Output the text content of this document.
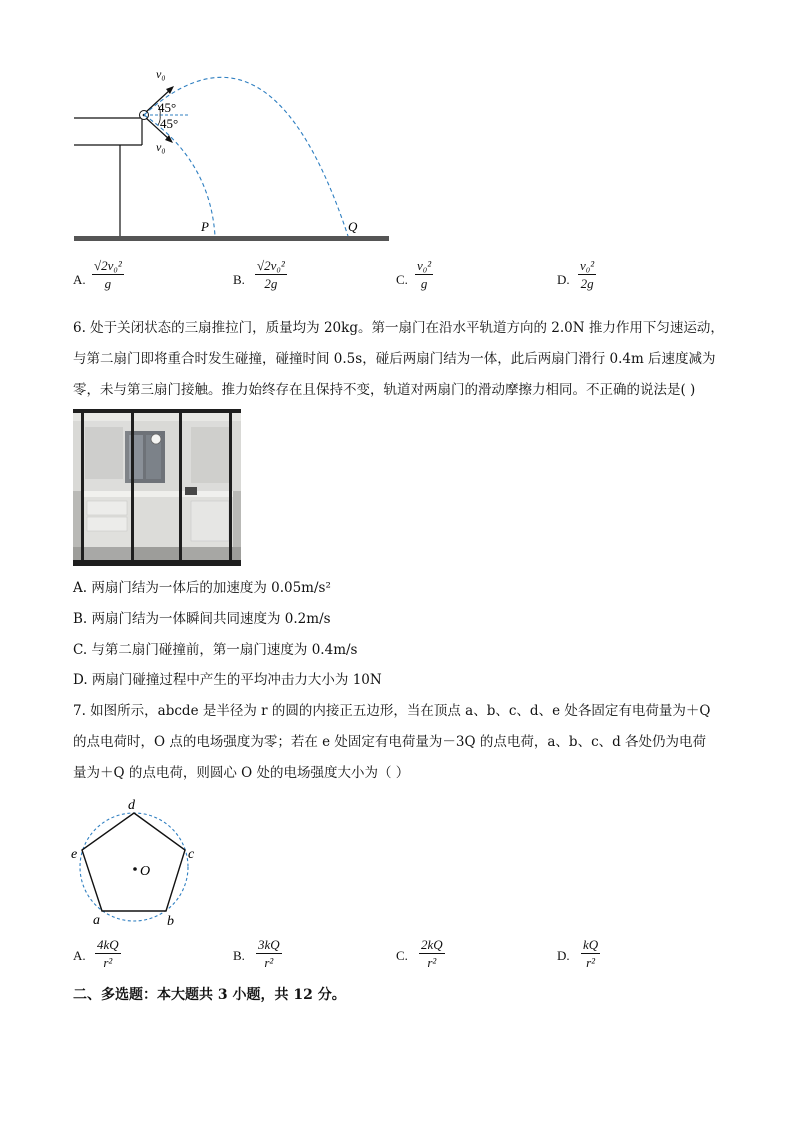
v₀
v₀
45°
45°
P	Q
A. $\frac{\text{√2v₀²}}{g}$	B. $\frac{\text{√2v₀²}}{2g}$	C. $\frac{\text{v₀²}}{g}$	D. $\frac{\text{v₀²}}{2g}$
6. 处于关闭状态的三扇推拉门，质量均为 20kg。第一扇门在沿水平轨道方向的 2.0N 推力作用下匀速运动，
与第二扇门即将重合时发生碰撞，碰撞时间 0.5s，碰后两扇门结为一体，此后两扇门滑行 0.4m 后速度减为
零，未与第三扇门接触。推力始终存在且保持不变，轨道对两扇门的滑动摩擦力相同。不正确的说法是( )
A. 两扇门结为一体后的加速度为 0.05m/s²
B. 两扇门结为一体瞬间共同速度为 0.2m/s
C. 与第二扇门碰撞前，第一扇门速度为 0.4m/s
D. 两扇门碰撞过程中产生的平均冲击力大小为 10N
7. 如图所示，abcde 是半径为 r 的圆的内接正五边形，当在顶点 a、b、c、d、e 处各固定有电荷量为＋Q
的点电荷时，O 点的电场强度为零；若在 e 处固定有电荷量为－3Q 的点电荷，a、b、c、d 各处仍为电荷
量为＋Q 的点电荷，则圆心 O 处的电场强度大小为（ ）
d
c
e
a	b
O
A. $\frac{4kQ}{\text{r²}}$	B. $\frac{3kQ}{\text{r²}}$	C. $\frac{2kQ}{\text{r²}}$	D. $\frac{kQ}{\text{r²}}$
二、多选题：本大题共 3 小题，共 12 分。
